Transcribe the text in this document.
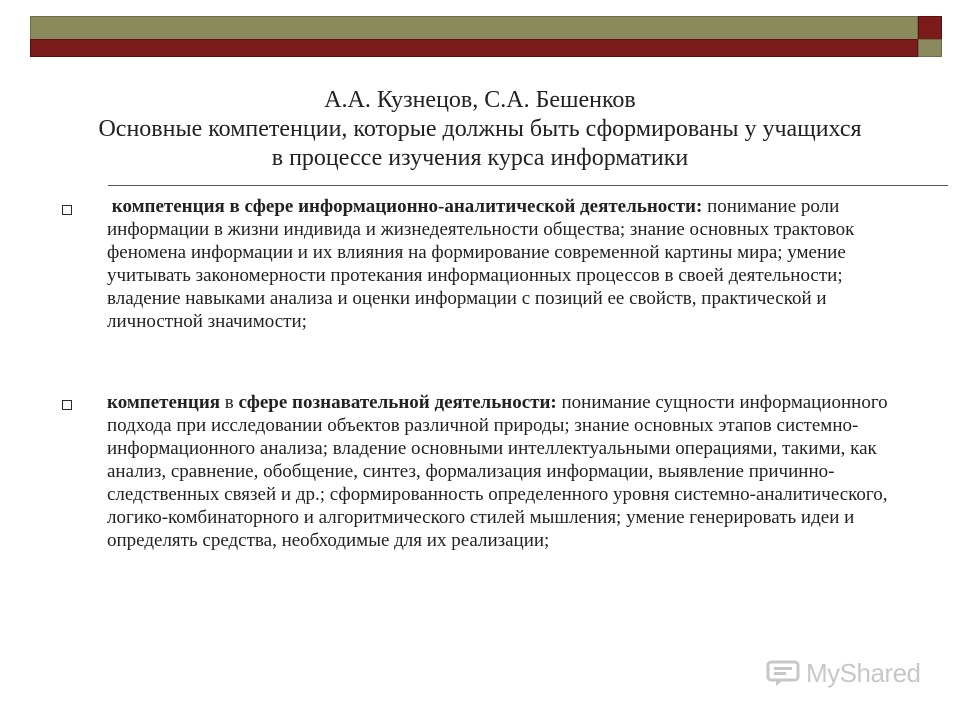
А.А. Кузнецов, С.А. Бешенков
Основные компетенции, которые должны быть сформированы у учащихся
в процессе изучения курса информатики
компетенция в сфере информационно-аналитической деятельности: понимание роли информации в жизни индивида и жизнедеятельности общества; знание основных трактовок феномена информации и их влияния на формирование современной картины мира; умение учитывать закономерности протекания информационных процессов в своей деятельности; владение навыками анализа и оценки информации с позиций ее свойств, практической и личностной значимости;
компетенция в сфере познавательной деятельности: понимание сущности информационного подхода при исследовании объектов различной природы; знание основных этапов системно-информационного анализа; владение основными интеллектуальными операциями, такими, как анализ, сравнение, обобщение, синтез, формализация информации, выявление причинно-следственных связей и др.; сформированность определенного уровня системно-аналитического, логико-комбинаторного и алгоритмического стилей мышления; умение генерировать идеи и определять средства, необходимые для их реализации;
MyShared
